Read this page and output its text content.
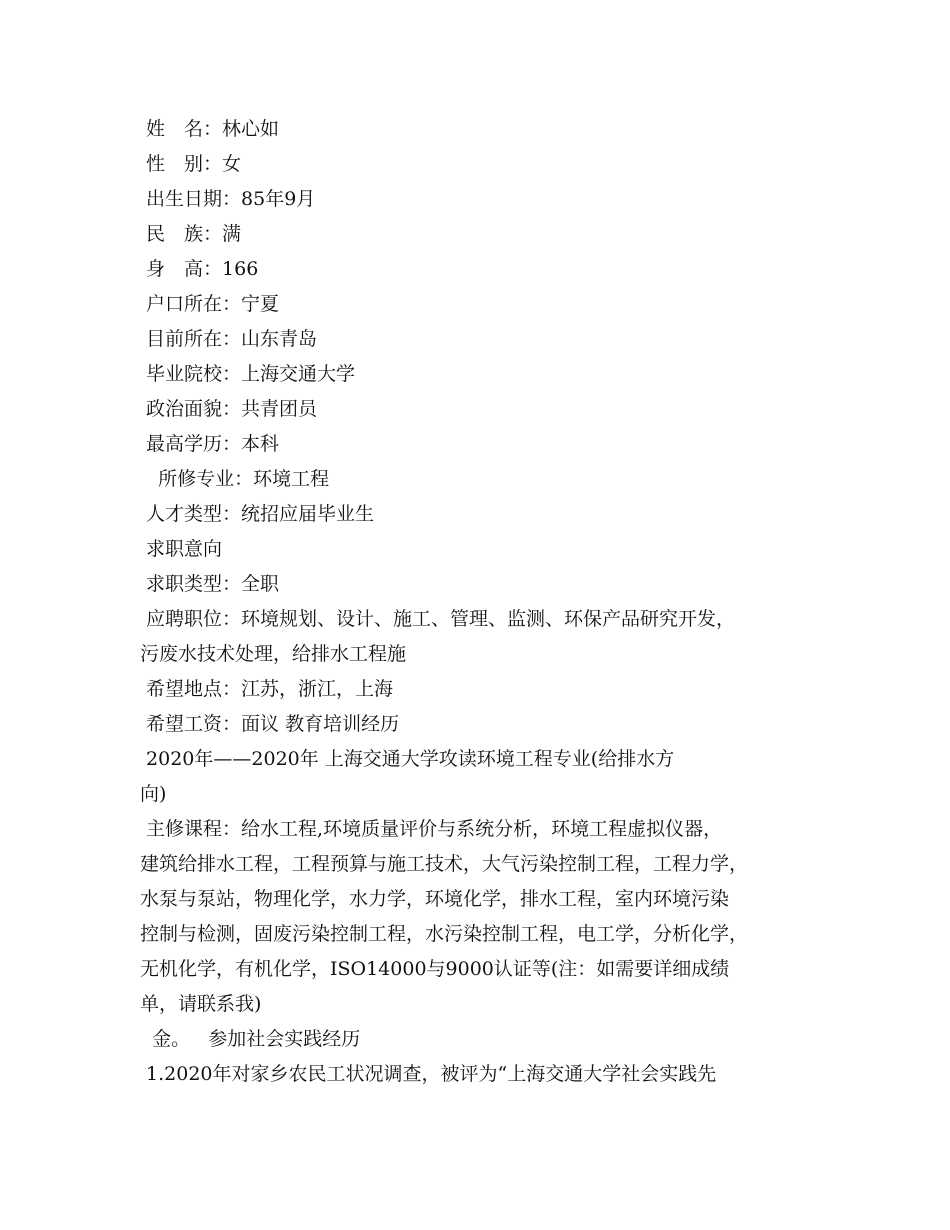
姓　名：林心如
性　别：女
出生日期：85年9月
民　族：满
身　高：166
户口所在：宁夏
目前所在：山东青岛
毕业院校：上海交通大学
政治面貌：共青团员
最高学历：本科
所修专业：环境工程
人才类型：统招应届毕业生
求职意向
求职类型：全职
应聘职位：环境规划、设计、施工、管理、监测、环保产品研究开发，
污废水技术处理，给排水工程施
希望地点：江苏，浙江，上海
希望工资：面议 教育培训经历
2020年——2020年 上海交通大学攻读环境工程专业(给排水方
向)
主修课程：给水工程,环境质量评价与系统分析，环境工程虚拟仪器，
建筑给排水工程，工程预算与施工技术，大气污染控制工程，工程力学，
水泵与泵站，物理化学，水力学，环境化学，排水工程，室内环境污染
控制与检测，固废污染控制工程，水污染控制工程，电工学，分析化学，
无机化学，有机化学，ISO14000与9000认证等(注：如需要详细成绩
单，请联系我)
金。   参加社会实践经历
1.2020年对家乡农民工状况调查，被评为“上海交通大学社会实践先
